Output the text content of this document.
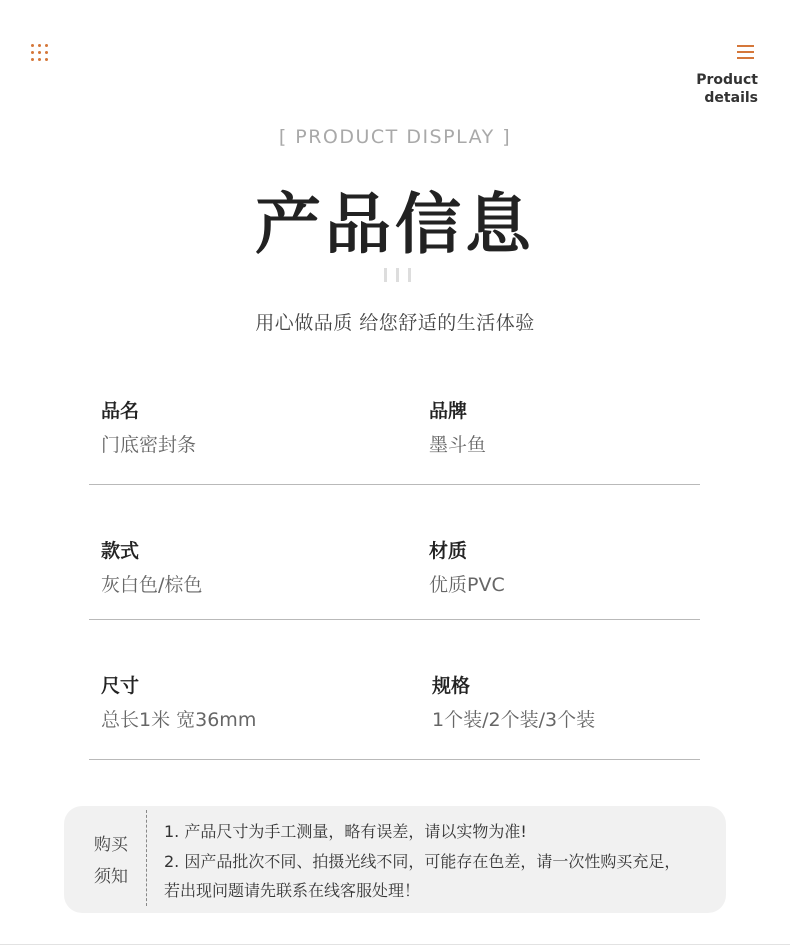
Product
details
[ PRODUCT DISPLAY ]
产品信息
用心做品质 给您舒适的生活体验
品名
门底密封条
品牌
墨斗鱼
款式
灰白色/棕色
材质
优质PVC
尺寸
总长1米 宽36mm
规格
1个装/2个装/3个装
购买
须知
1. 产品尺寸为手工测量，略有误差，请以实物为准!
2. 因产品批次不同、拍摄光线不同，可能存在色差，请一次性购买充足，
若出现问题请先联系在线客服处理！
